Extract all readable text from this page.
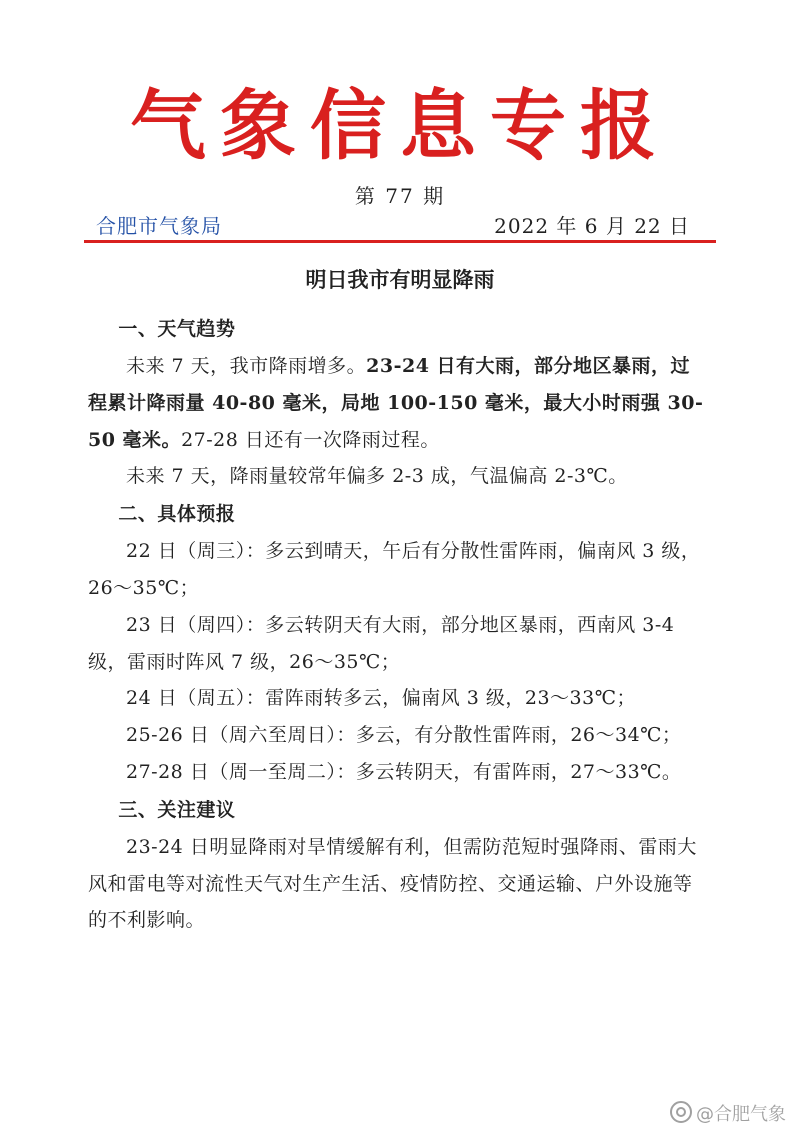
气象信息专报
第 77 期
合肥市气象局	2022 年 6 月 22 日
明日我市有明显降雨
一、天气趋势

未来 7 天，我市降雨增多。23-24 日有大雨，部分地区暴雨，过程累计降雨量 40-80 毫米，局地 100-150 毫米，最大小时雨强 30-50 毫米。27-28 日还有一次降雨过程。

未来 7 天，降雨量较常年偏多 2-3 成，气温偏高 2-3℃。

二、具体预报

22 日（周三）：多云到晴天，午后有分散性雷阵雨，偏南风 3 级，26～35℃；

23 日（周四）：多云转阴天有大雨，部分地区暴雨，西南风 3-4 级，雷雨时阵风 7 级，26～35℃；

24 日（周五）：雷阵雨转多云，偏南风 3 级，23～33℃；

25-26 日（周六至周日）：多云，有分散性雷阵雨，26～34℃；

27-28 日（周一至周二）：多云转阴天，有雷阵雨，27～33℃。

三、关注建议

23-24 日明显降雨对旱情缓解有利，但需防范短时强降雨、雷雨大风和雷电等对流性天气对生产生活、疫情防控、交通运输、户外设施等的不利影响。

@合肥气象
